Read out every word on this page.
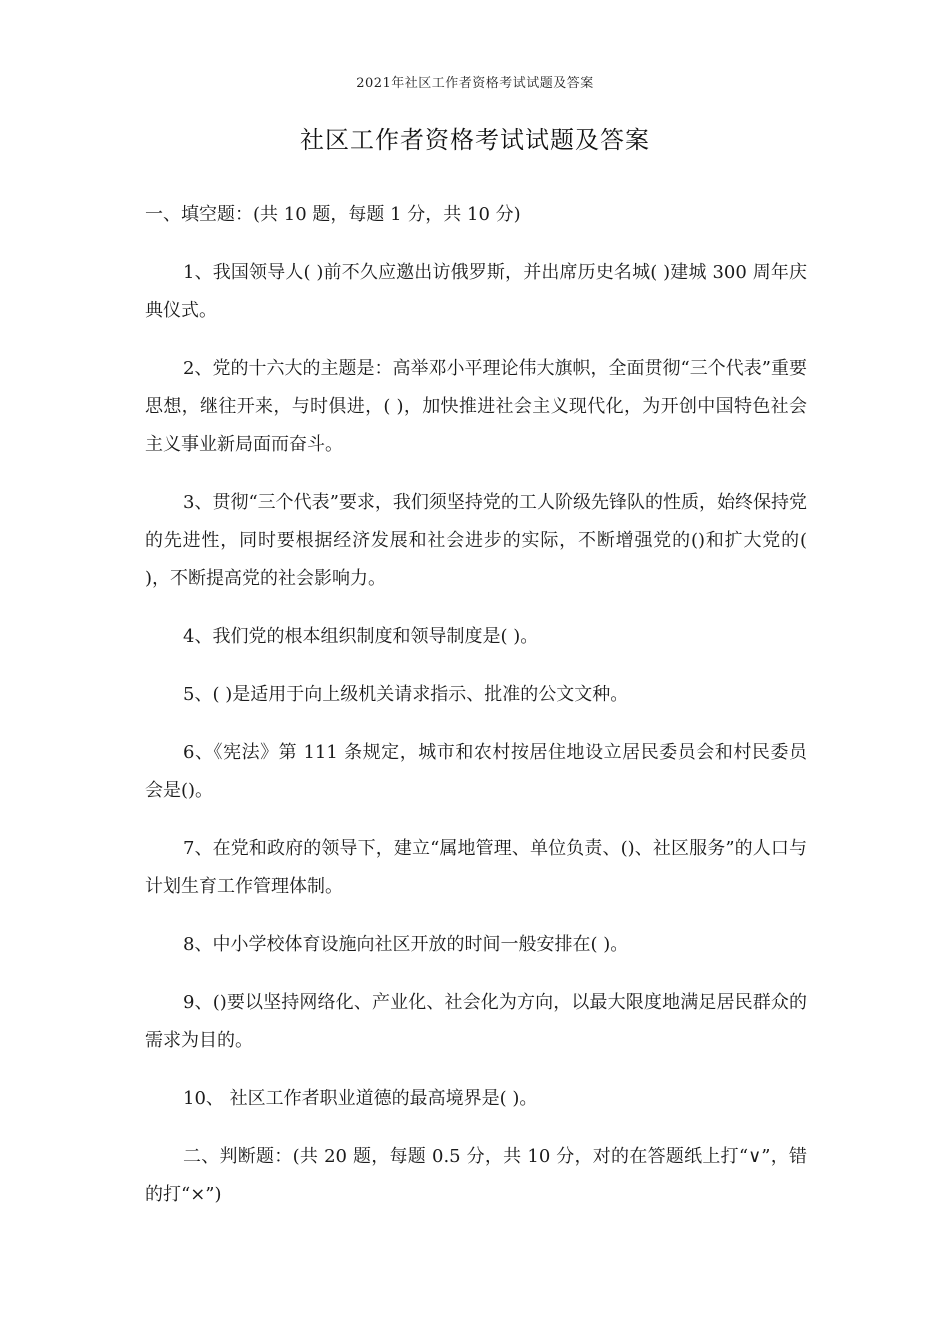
2021年社区工作者资格考试试题及答案
社区工作者资格考试试题及答案

一、填空题：(共 10 题，每题 1 分，共 10 分)

1、我国领导人( )前不久应邀出访俄罗斯，并出席历史名城( )建城 300 周年庆典仪式。

2、党的十六大的主题是：高举邓小平理论伟大旗帜，全面贯彻“三个代表”重要思想，继往开来，与时俱进，( )，加快推进社会主义现代化，为开创中国特色社会主义事业新局面而奋斗。

3、贯彻“三个代表”要求，我们须坚持党的工人阶级先锋队的性质，始终保持党的先进性，同时要根据经济发展和社会进步的实际，不断增强党的()和扩大党的( )，不断提高党的社会影响力。

4、我们党的根本组织制度和领导制度是( )。

5、( )是适用于向上级机关请求指示、批准的公文文种。

6、《宪法》第 111 条规定，城市和农村按居住地设立居民委员会和村民委员会是()。

7、在党和政府的领导下，建立“属地管理、单位负责、()、社区服务”的人口与计划生育工作管理体制。

8、中小学校体育设施向社区开放的时间一般安排在( )。

9、()要以坚持网络化、产业化、社会化为方向，以最大限度地满足居民群众的需求为目的。

10、 社区工作者职业道德的最高境界是( )。

二、判断题：(共 20 题，每题 0.5 分，共 10 分，对的在答题纸上打“∨”，错的打“×”)
